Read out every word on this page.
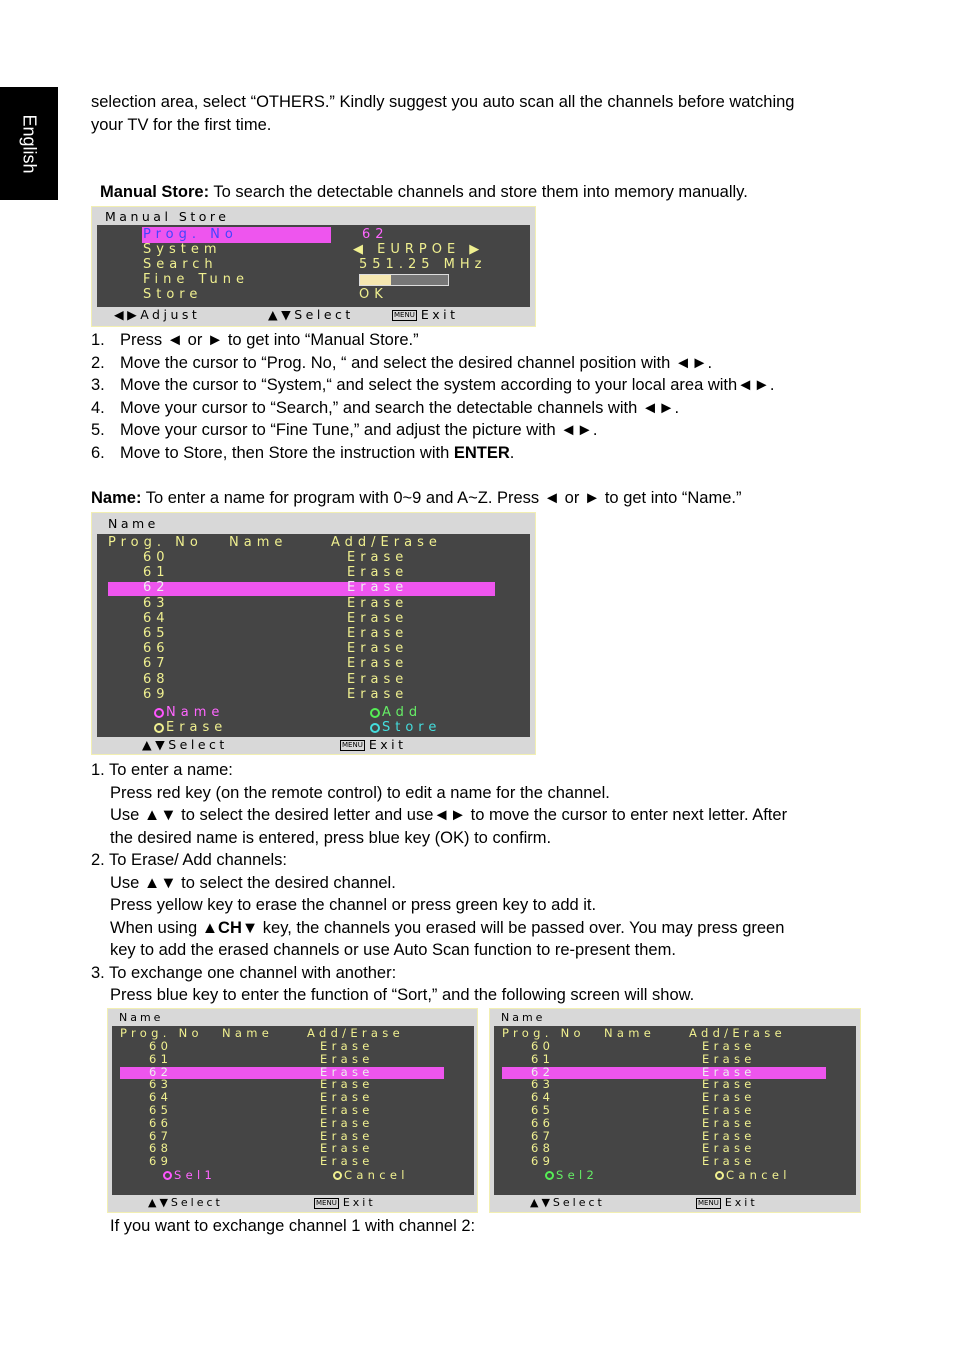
English
selection area, select “OTHERS.” Kindly suggest you auto scan all the channels before watching
your TV for the first time.
Manual Store: To search the detectable channels and store them into memory manually.
Manual Store
Prog. No	62
System	◀ EURPOE ▶
Search	551.25 MHz
Fine Tune
Store	OK
◀▶Adjust	▲▼Select	MENU Exit
1. Press ◄ or ► to get into “Manual Store.”
2. Move the cursor to “Prog. No, “ and select the desired channel position with ◄►.
3. Move the cursor to “System,“ and select the system according to your local area with◄►.
4. Move your cursor to “Search,” and search the detectable channels with ◄►.
5. Move your cursor to “Fine Tune,” and adjust the picture with ◄►.
6. Move to Store, then Store the instruction with ENTER.
Name: To enter a name for program with 0~9 and A~Z. Press ◄ or ► to get into “Name.”
Name
Prog. No Name	Add/Erase
60	Erase
61	Erase
62	Erase
63	Erase
64	Erase
65	Erase
66	Erase
67	Erase
68	Erase
69	Erase
Name	Add
Erase	Store
▲▼Select	MENU Exit
1. To enter a name:
Press red key (on the remote control) to edit a name for the channel.
Use ▲▼ to select the desired letter and use◄► to move the cursor to enter next letter. After
the desired name is entered, press blue key (OK) to confirm.
2. To Erase/ Add channels:
Use ▲▼ to select the desired channel.
Press yellow key to erase the channel or press green key to add it.
When using ▲CH▼ key, the channels you erased will be passed over. You may press green
key to add the erased channels or use Auto Scan function to re-present them.
3. To exchange one channel with another:
Press blue key to enter the function of “Sort,” and the following screen will show.
Name
Prog. No Name	Add/Erase
60	Erase
61	Erase
62	Erase
63	Erase
64	Erase
65	Erase
66	Erase
67	Erase
68	Erase
69	Erase
Sel1	Cancel
▲▼Select	MENU Exit
Name
Prog. No Name	Add/Erase
60	Erase
61	Erase
62	Erase
63	Erase
64	Erase
65	Erase
66	Erase
67	Erase
68	Erase
69	Erase
Sel2	Cancel
▲▼Select	MENU Exit
If you want to exchange channel 1 with channel 2:
